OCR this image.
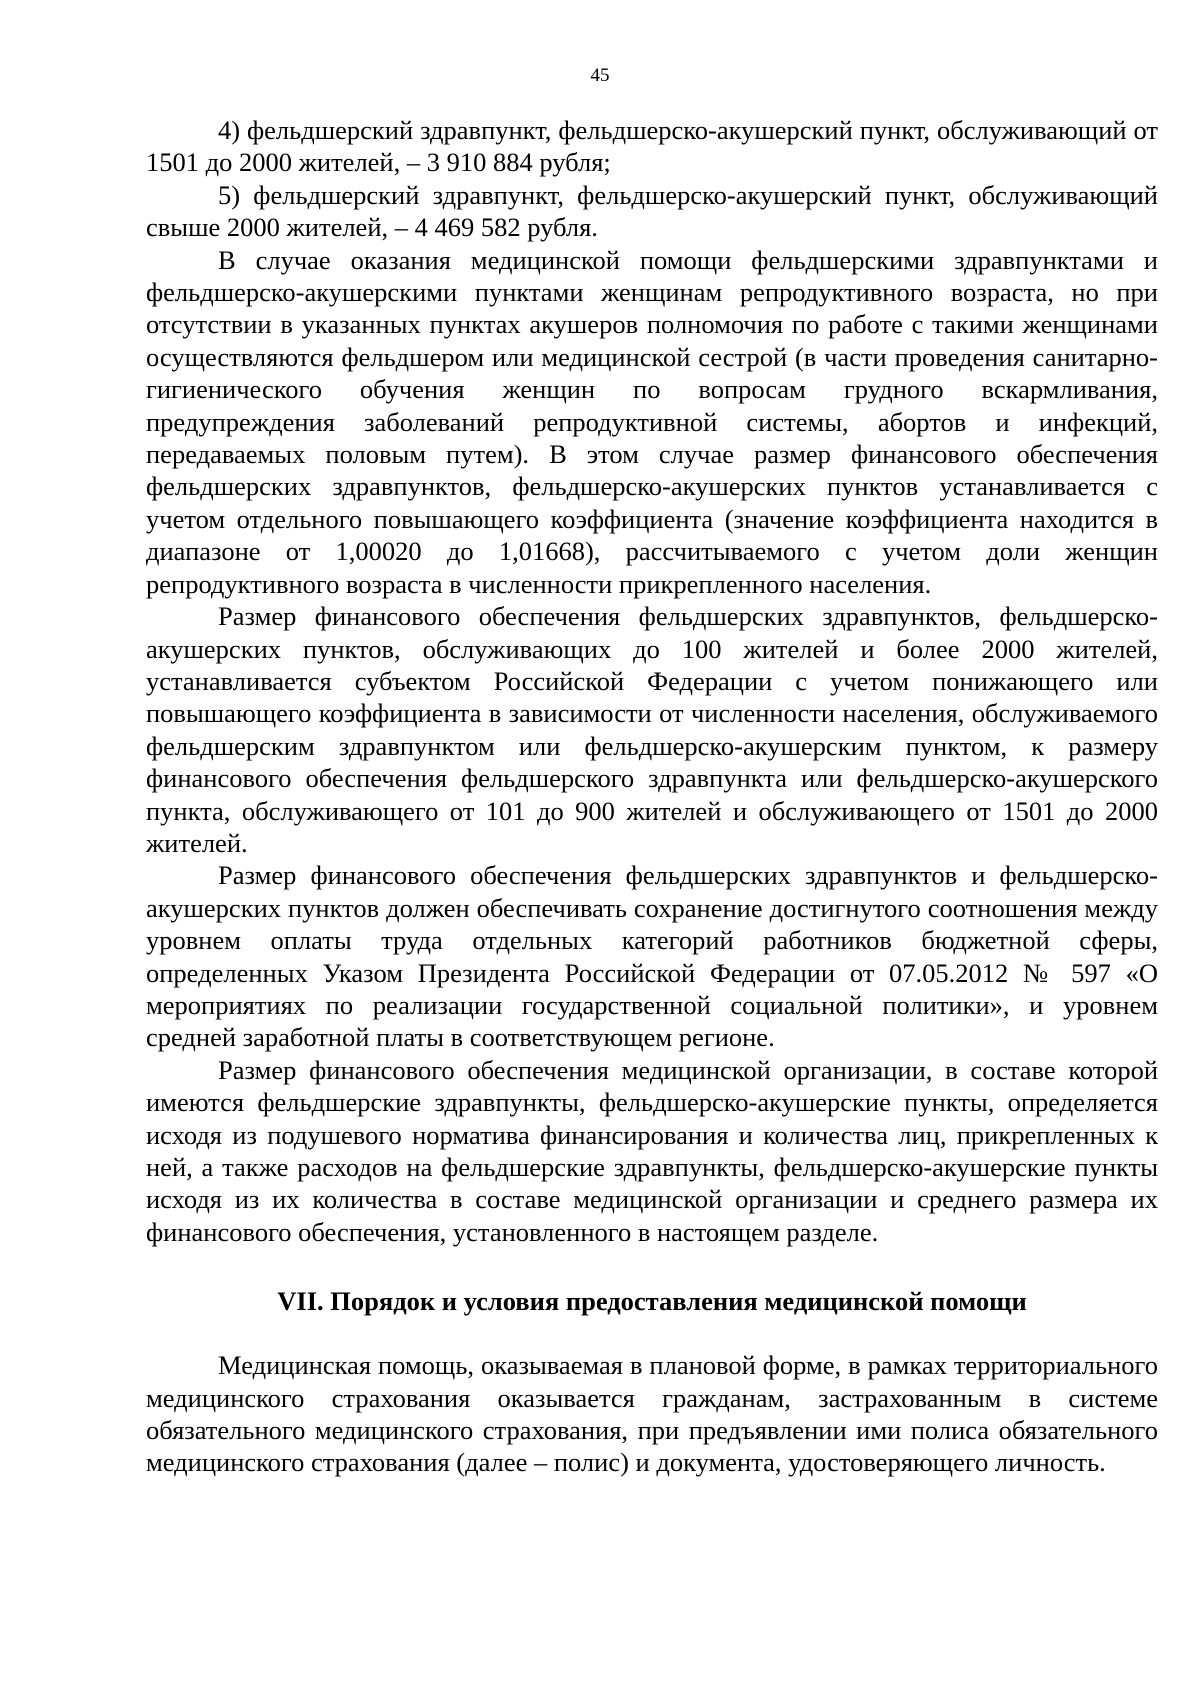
45

4) фельдшерский здравпункт, фельдшерско-акушерский пункт, обслуживающий от 1501 до 2000 жителей, – 3 910 884 рубля;

5) фельдшерский здравпункт, фельдшерско-акушерский пункт, обслуживающий свыше 2000 жителей, – 4 469 582 рубля.

В случае оказания медицинской помощи фельдшерскими здравпунктами и фельдшерско-акушерскими пунктами женщинам репродуктивного возраста, но при отсутствии в указанных пунктах акушеров полномочия по работе с такими женщинами осуществляются фельдшером или медицинской сестрой (в части проведения санитарно-гигиенического обучения женщин по вопросам грудного вскармливания, предупреждения заболеваний репродуктивной системы, абортов и инфекций, передаваемых половым путем). В этом случае размер финансового обеспечения фельдшерских здравпунктов, фельдшерско-акушерских пунктов устанавливается с учетом отдельного повышающего коэффициента (значение коэффициента находится в диапазоне от 1,00020 до 1,01668), рассчитываемого с учетом доли женщин репродуктивного возраста в численности прикрепленного населения.

Размер финансового обеспечения фельдшерских здравпунктов, фельдшерско-акушерских пунктов, обслуживающих до 100 жителей и более 2000 жителей, устанавливается субъектом Российской Федерации с учетом понижающего или повышающего коэффициента в зависимости от численности населения, обслуживаемого фельдшерским здравпунктом или фельдшерско-акушерским пунктом, к размеру финансового обеспечения фельдшерского здравпункта или фельдшерско-акушерского пункта, обслуживающего от 101 до 900 жителей и обслуживающего от 1501 до 2000 жителей.

Размер финансового обеспечения фельдшерских здравпунктов и фельдшерско-акушерских пунктов должен обеспечивать сохранение достигнутого соотношения между уровнем оплаты труда отдельных категорий работников бюджетной сферы, определенных Указом Президента Российской Федерации от 07.05.2012 № 597 «О мероприятиях по реализации государственной социальной политики», и уровнем средней заработной платы в соответствующем регионе.

Размер финансового обеспечения медицинской организации, в составе которой имеются фельдшерские здравпункты, фельдшерско-акушерские пункты, определяется исходя из подушевого норматива финансирования и количества лиц, прикрепленных к ней, а также расходов на фельдшерские здравпункты, фельдшерско-акушерские пункты исходя из их количества в составе медицинской организации и среднего размера их финансового обеспечения, установленного в настоящем разделе.

VII. Порядок и условия предоставления медицинской помощи

Медицинская помощь, оказываемая в плановой форме, в рамках территориального медицинского страхования оказывается гражданам, застрахованным в системе обязательного медицинского страхования, при предъявлении ими полиса обязательного медицинского страхования (далее – полис) и документа, удостоверяющего личность.
